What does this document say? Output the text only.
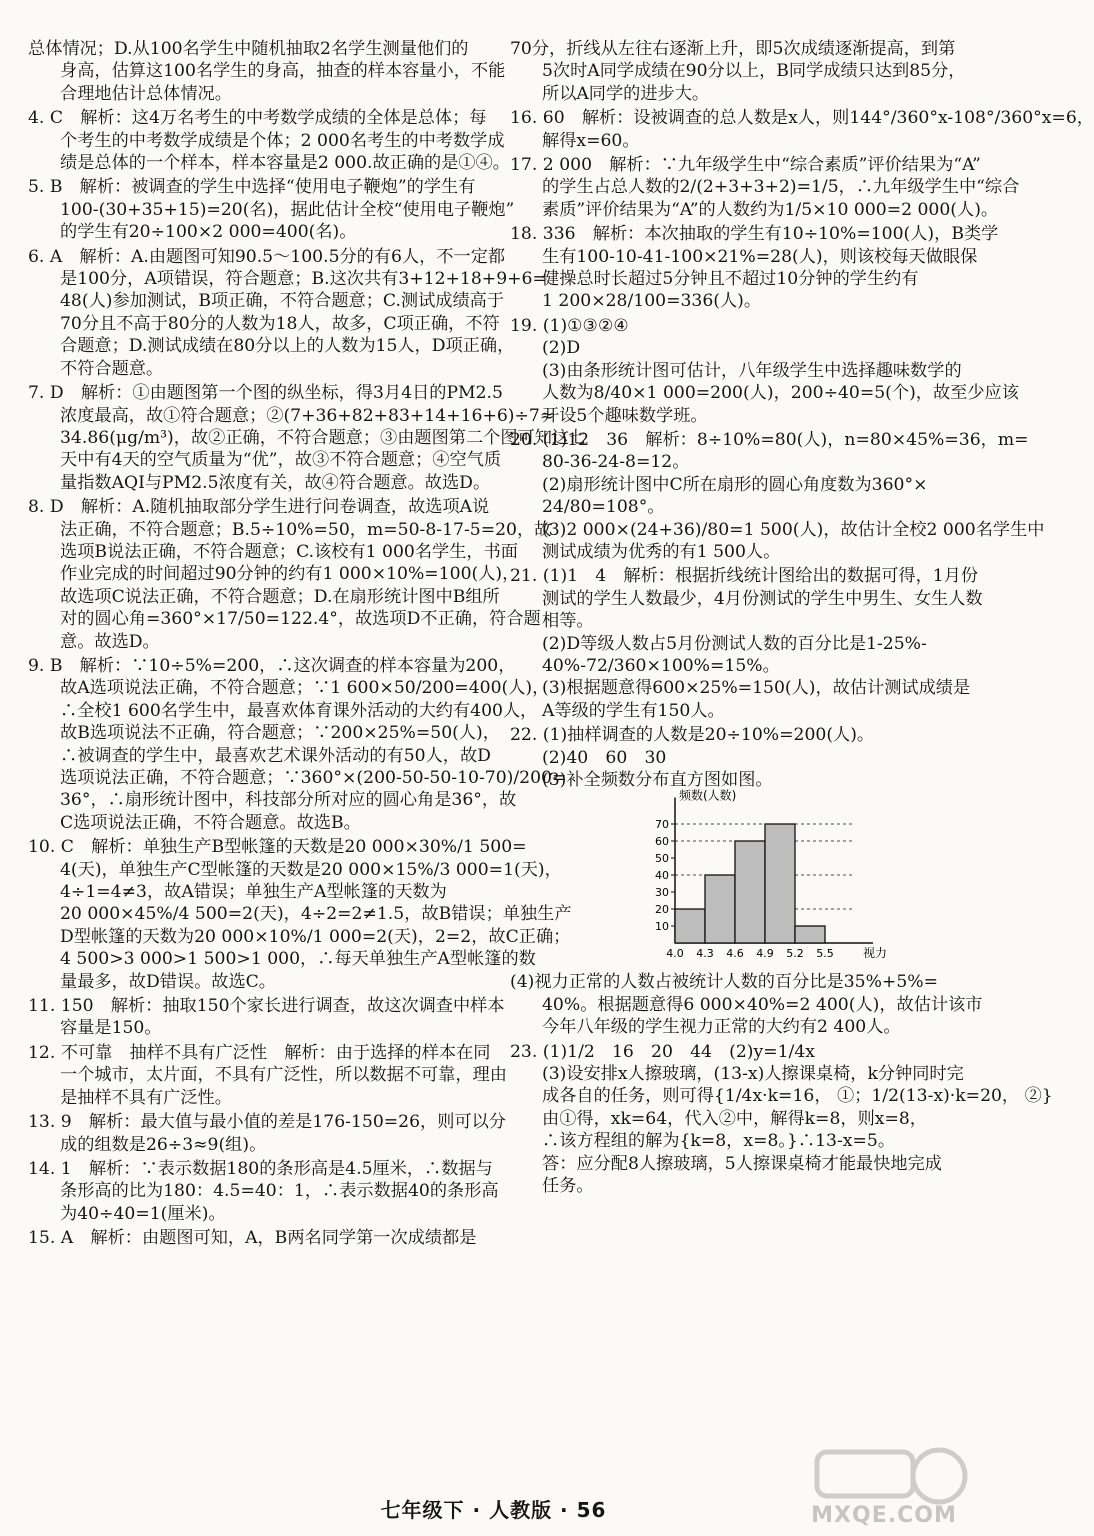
总体情况；D.从100名学生中随机抽取2名学生测量他们的
身高，估算这100名学生的身高，抽查的样本容量小，不能
合理地估计总体情况。
4. C　解析：这4万名考生的中考数学成绩的全体是总体；每
个考生的中考数学成绩是个体；2 000名考生的中考数学成
绩是总体的一个样本，样本容量是2 000.故正确的是①④。
5. B　解析：被调查的学生中选择“使用电子鞭炮”的学生有
100-(30+35+15)=20(名)，据此估计全校“使用电子鞭炮”
的学生有20÷100×2 000=400(名)。
6. A　解析：A.由题图可知90.5～100.5分的有6人，不一定都
是100分，A项错误，符合题意；B.这次共有3+12+18+9+6=
48(人)参加测试，B项正确，不符合题意；C.测试成绩高于
70分且不高于80分的人数为18人，故多，C项正确，不符
合题意；D.测试成绩在80分以上的人数为15人，D项正确，
不符合题意。
7. D　解析：①由题图第一个图的纵坐标，得3月4日的PM2.5
浓度最高，故①符合题意；②(7+36+82+83+14+16+6)÷7≈
34.86(μg/m³)，故②正确，不符合题意；③由题图第二个图可知这七
天中有4天的空气质量为“优”，故③不符合题意；④空气质
量指数AQI与PM2.5浓度有关，故④符合题意。故选D。
8. D　解析：A.随机抽取部分学生进行问卷调查，故选项A说
法正确，不符合题意；B.5÷10%=50，m=50-8-17-5=20，故
选项B说法正确，不符合题意；C.该校有1 000名学生，书面
作业完成的时间超过90分钟的约有1 000×10%=100(人)，
故选项C说法正确，不符合题意；D.在扇形统计图中B组所
对的圆心角=360°×17/50=122.4°，故选项D不正确，符合题
意。故选D。
9. B　解析：∵10÷5%=200，∴这次调查的样本容量为200，
故A选项说法正确，不符合题意；∵1 600×50/200=400(人)，
∴全校1 600名学生中，最喜欢体育课外活动的大约有400人，
故B选项说法不正确，符合题意；∵200×25%=50(人)，
∴被调查的学生中，最喜欢艺术课外活动的有50人，故D
选项说法正确，不符合题意；∵360°×(200-50-50-10-70)/200=
36°，∴扇形统计图中，科技部分所对应的圆心角是36°，故
C选项说法正确，不符合题意。故选B。
10. C　解析：单独生产B型帐篷的天数是20 000×30%/1 500=
4(天)，单独生产C型帐篷的天数是20 000×15%/3 000=1(天)，
4÷1=4≠3，故A错误；单独生产A型帐篷的天数为
20 000×45%/4 500=2(天)，4÷2=2≠1.5，故B错误；单独生产
D型帐篷的天数为20 000×10%/1 000=2(天)，2=2，故C正确；
4 500>3 000>1 500>1 000，∴每天单独生产A型帐篷的数
量最多，故D错误。故选C。
11. 150　解析：抽取150个家长进行调查，故这次调查中样本
容量是150。
12. 不可靠　抽样不具有广泛性　解析：由于选择的样本在同
一个城市，太片面，不具有广泛性，所以数据不可靠，理由
是抽样不具有广泛性。
13. 9　解析：最大值与最小值的差是176-150=26，则可以分
成的组数是26÷3≈9(组)。
14. 1　解析：∵表示数据180的条形高是4.5厘米，∴数据与
条形高的比为180：4.5=40：1，∴表示数据40的条形高
为40÷40=1(厘米)。
15. A　解析：由题图可知，A，B两名同学第一次成绩都是
70分，折线从左往右逐渐上升，即5次成绩逐渐提高，到第
5次时A同学成绩在90分以上，B同学成绩只达到85分，
所以A同学的进步大。
16. 60　解析：设被调查的总人数是x人，则144°/360°x-108°/360°x=6，
解得x=60。
17. 2 000　解析：∵九年级学生中“综合素质”评价结果为“A”
的学生占总人数的2/(2+3+3+2)=1/5，∴九年级学生中“综合
素质”评价结果为“A”的人数约为1/5×10 000=2 000(人)。
18. 336　解析：本次抽取的学生有10÷10%=100(人)，B类学
生有100-10-41-100×21%=28(人)，则该校每天做眼保
健操总时长超过5分钟且不超过10分钟的学生约有
1 200×28/100=336(人)。
19. (1)①③②④
(2)D
(3)由条形统计图可估计，八年级学生中选择趣味数学的
人数为8/40×1 000=200(人)，200÷40=5(个)，故至少应该
开设5个趣味数学班。
20. (1)12　36　解析：8÷10%=80(人)，n=80×45%=36，m=
80-36-24-8=12。
(2)扇形统计图中C所在扇形的圆心角度数为360°×
24/80=108°。
(3)2 000×(24+36)/80=1 500(人)，故估计全校2 000名学生中
测试成绩为优秀的有1 500人。
21. (1)1　4　解析：根据折线统计图给出的数据可得，1月份
测试的学生人数最少，4月份测试的学生中男生、女生人数
相等。
(2)D等级人数占5月份测试人数的百分比是1-25%-
40%-72/360×100%=15%。
(3)根据题意得600×25%=150(人)，故估计测试成绩是
A等级的学生有150人。
22. (1)抽样调查的人数是20÷10%=200(人)。
(2)40　60　30
(3)补全频数分布直方图如图。
10
20
30
40
50
60
70
4.0 4.3 4.6 4.9 5.2 5.5 视力
频数(人数)
(4)视力正常的人数占被统计人数的百分比是35%+5%=
40%。根据题意得6 000×40%=2 400(人)，故估计该市
今年八年级的学生视力正常的大约有2 400人。
23. (1)1/2　16　20　44　(2)y=1/4x
(3)设安排x人擦玻璃，(13-x)人擦课桌椅，k分钟同时完
成各自的任务，则可得{1/4x·k=16， ①；1/2(13-x)·k=20， ②}
由①得，xk=64，代入②中，解得k=8，则x=8，
∴该方程组的解为{k=8，x=8。}∴13-x=5。
答：应分配8人擦玻璃，5人擦课桌椅才能最快地完成
任务。
七年级下 · 人教版 · 56	MXQE.COM
